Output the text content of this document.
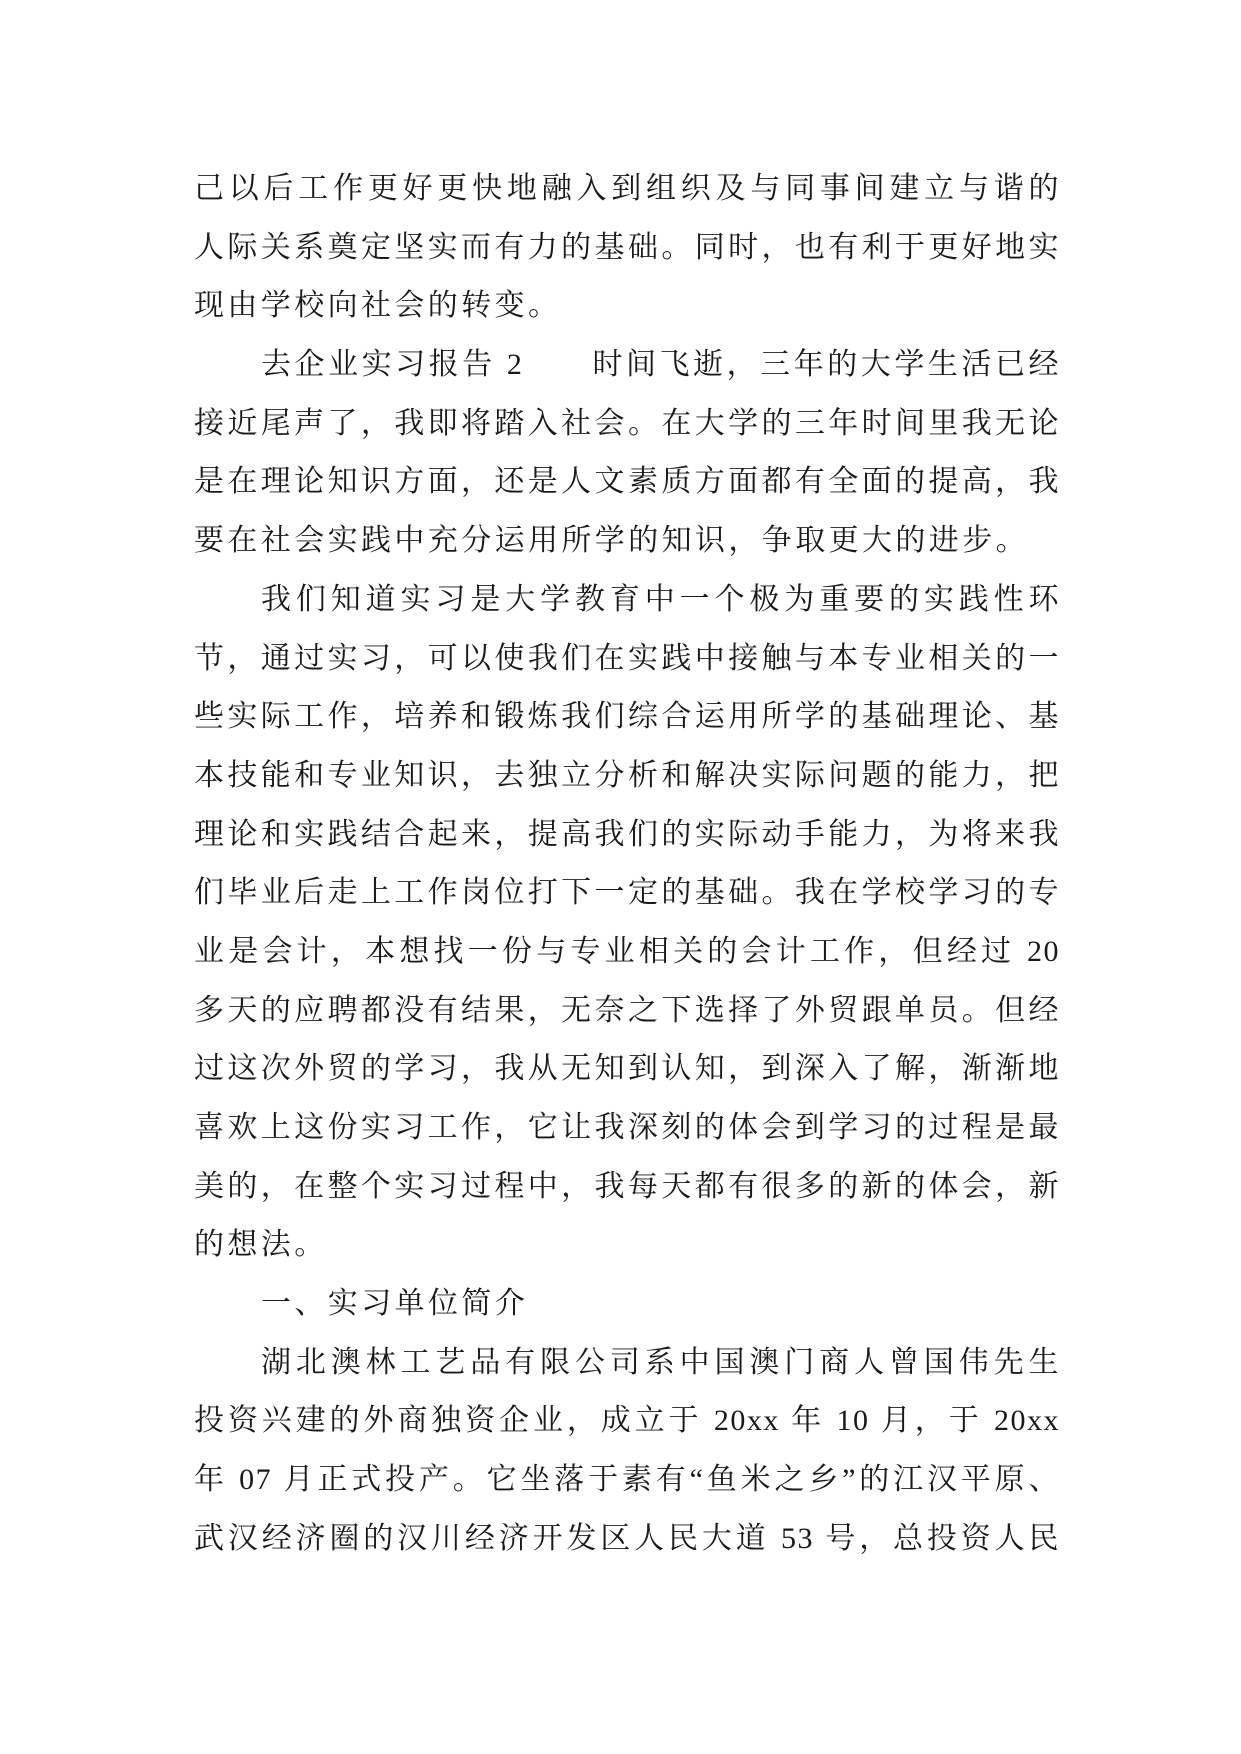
己以后工作更好更快地融入到组织及与同事间建立与谐的
人际关系奠定坚实而有力的基础。同时，也有利于更好地实
现由学校向社会的转变。
去企业实习报告 2　　时间飞逝，三年的大学生活已经
接近尾声了，我即将踏入社会。在大学的三年时间里我无论
是在理论知识方面，还是人文素质方面都有全面的提高，我
要在社会实践中充分运用所学的知识，争取更大的进步。
我们知道实习是大学教育中一个极为重要的实践性环
节，通过实习，可以使我们在实践中接触与本专业相关的一
些实际工作，培养和锻炼我们综合运用所学的基础理论、基
本技能和专业知识，去独立分析和解决实际问题的能力，把
理论和实践结合起来，提高我们的实际动手能力，为将来我
们毕业后走上工作岗位打下一定的基础。我在学校学习的专
业是会计，本想找一份与专业相关的会计工作，但经过 20
多天的应聘都没有结果，无奈之下选择了外贸跟单员。但经
过这次外贸的学习，我从无知到认知，到深入了解，渐渐地
喜欢上这份实习工作，它让我深刻的体会到学习的过程是最
美的，在整个实习过程中，我每天都有很多的新的体会，新
的想法。
一、实习单位简介
湖北澳林工艺品有限公司系中国澳门商人曾国伟先生
投资兴建的外商独资企业，成立于 20xx 年 10 月，于 20xx
年 07 月正式投产。它坐落于素有“鱼米之乡”的江汉平原、
武汉经济圈的汉川经济开发区人民大道 53 号，总投资人民
